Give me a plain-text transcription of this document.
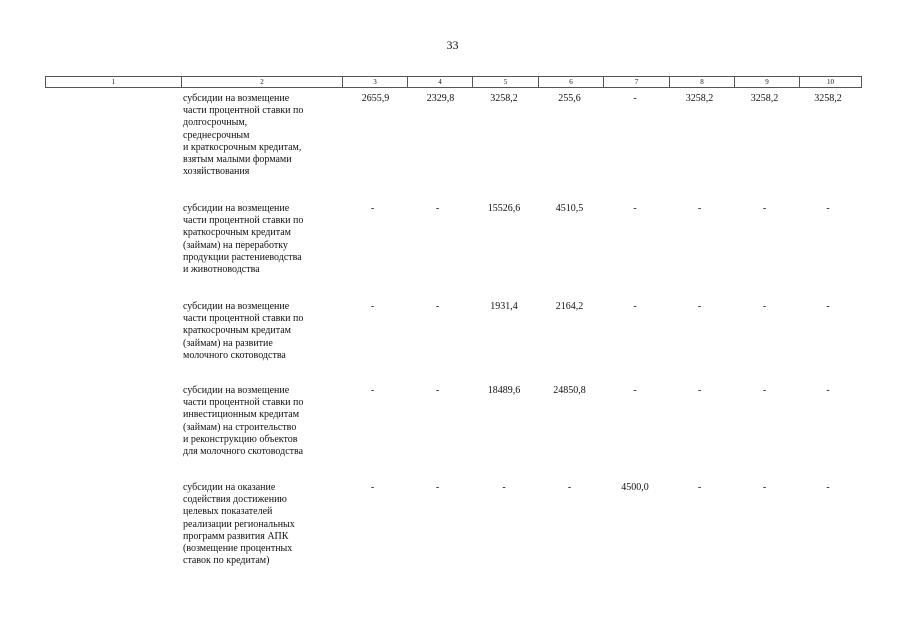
33
1	2	3	4	5	6	7	8	9	10
субсидии на возмещение
части процентной ставки по
долгосрочным,
среднесрочным
и краткосрочным кредитам,
взятым малыми формами
хозяйствования
2655,9	2329,8	3258,2	255,6	-	3258,2	3258,2	3258,2
субсидии на возмещение
части процентной ставки по
краткосрочным кредитам
(займам) на переработку
продукции растениеводства
и животноводства
-	-	15526,6	4510,5	-	-	-	-
субсидии на возмещение
части процентной ставки по
краткосрочным кредитам
(займам) на развитие
молочного скотоводства
-	-	1931,4	2164,2	-	-	-	-
субсидии на возмещение
части процентной ставки по
инвестиционным кредитам
(займам) на строительство
и реконструкцию объектов
для молочного скотоводства
-	-	18489,6	24850,8	-	-	-	-
субсидии на оказание
содействия достижению
целевых показателей
реализации региональных
программ развития АПК
(возмещение процентных
ставок по кредитам)
-	-	-	-	4500,0	-	-	-
